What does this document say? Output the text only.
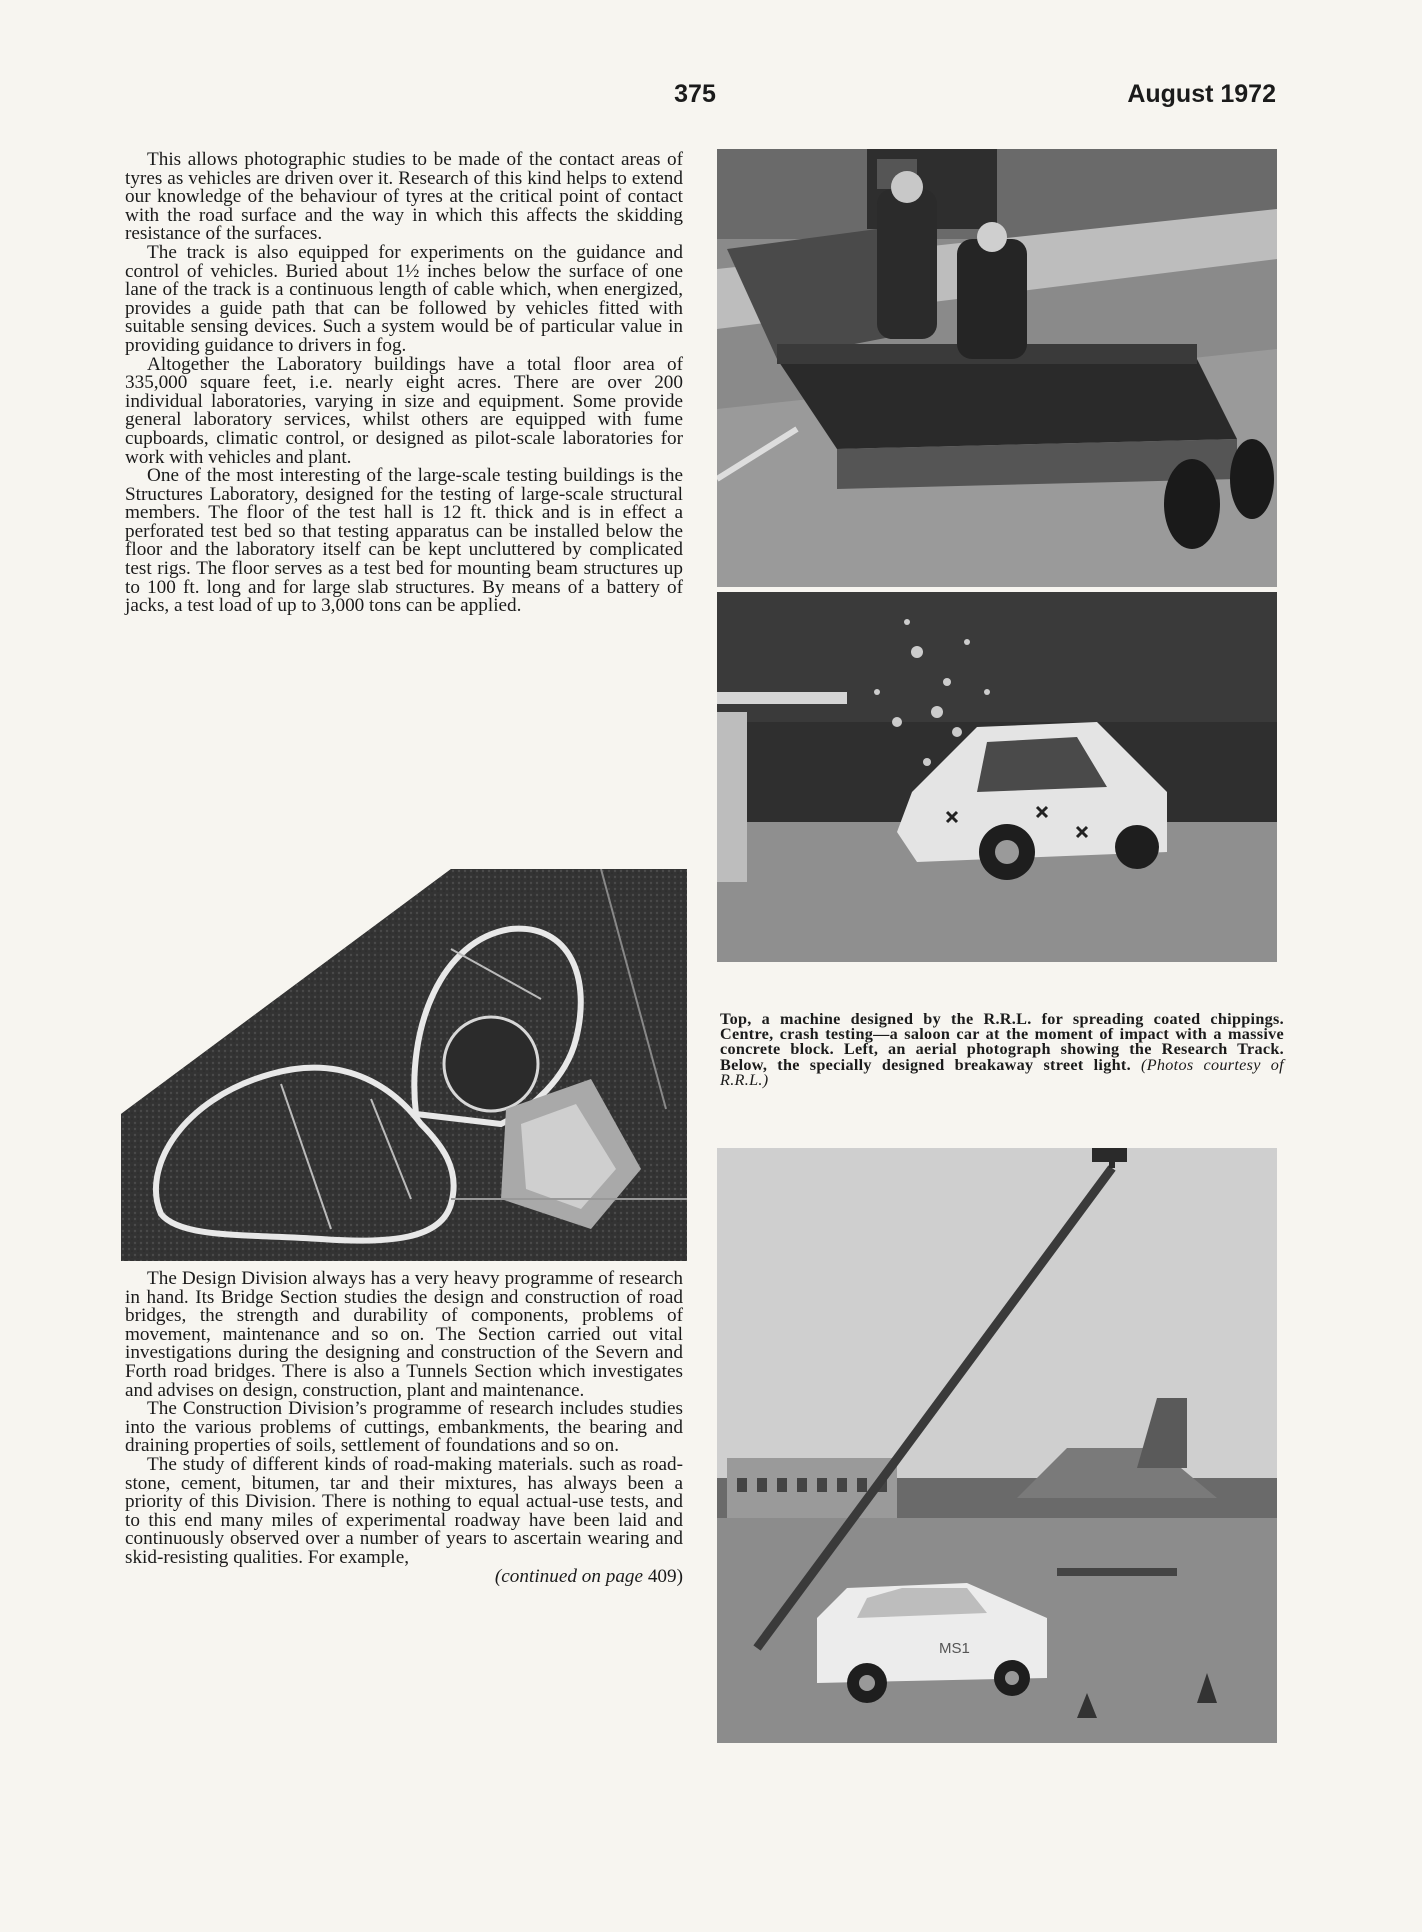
375	August 1972

This allows photographic studies to be made of the contact areas of tyres as vehicles are driven over it. Research of this kind helps to extend our knowledge of the behaviour of tyres at the critical point of contact with the road surface and the way in which this affects the skidding resistance of the surfaces.

The track is also equipped for experiments on the guidance and control of vehicles. Buried about 1½ inches below the surface of one lane of the track is a continuous length of cable which, when energized, provides a guide path that can be followed by vehicles fitted with suitable sensing devices. Such a system would be of particular value in providing guidance to drivers in fog.

Altogether the Laboratory buildings have a total floor area of 335,000 square feet, i.e. nearly eight acres. There are over 200 individual laboratories, varying in size and equipment. Some provide general laboratory services, whilst others are equipped with fume cupboards, climatic control, or designed as pilot-scale laboratories for work with vehicles and plant.

One of the most interesting of the large-scale testing buildings is the Structures Laboratory, designed for the testing of large-scale structural members. The floor of the test hall is 12 ft. thick and is in effect a perforated test bed so that testing apparatus can be installed below the floor and the laboratory itself can be kept uncluttered by complicated test rigs. The floor serves as a test bed for mounting beam structures up to 100 ft. long and for large slab structures. By means of a battery of jacks, a test load of up to 3,000 tons can be applied.

The Design Division always has a very heavy programme of research in hand. Its Bridge Section studies the design and construction of road bridges, the strength and durability of components, problems of movement, maintenance and so on. The Section carried out vital investigations during the designing and construction of the Severn and Forth road bridges. There is also a Tunnels Section which investigates and advises on design, construction, plant and maintenance.

The Construction Division’s programme of research includes studies into the various problems of cuttings, embankments, the bearing and draining properties of soils, settlement of foundations and so on.

The study of different kinds of road-making materials. such as road-stone, cement, bitumen, tar and their mixtures, has always been a priority of this Division. There is nothing to equal actual-use tests, and to this end many miles of experimental roadway have been laid and continuously observed over a number of years to ascertain wearing and skid-resisting qualities. For example,

(continued on page 409)

Top, a machine designed by the R.R.L. for spreading coated chippings. Centre, crash testing—a saloon car at the moment of impact with a massive concrete block. Left, an aerial photograph showing the Research Track. Below, the specially designed breakaway street light. (Photos courtesy of R.R.L.)
MS1
